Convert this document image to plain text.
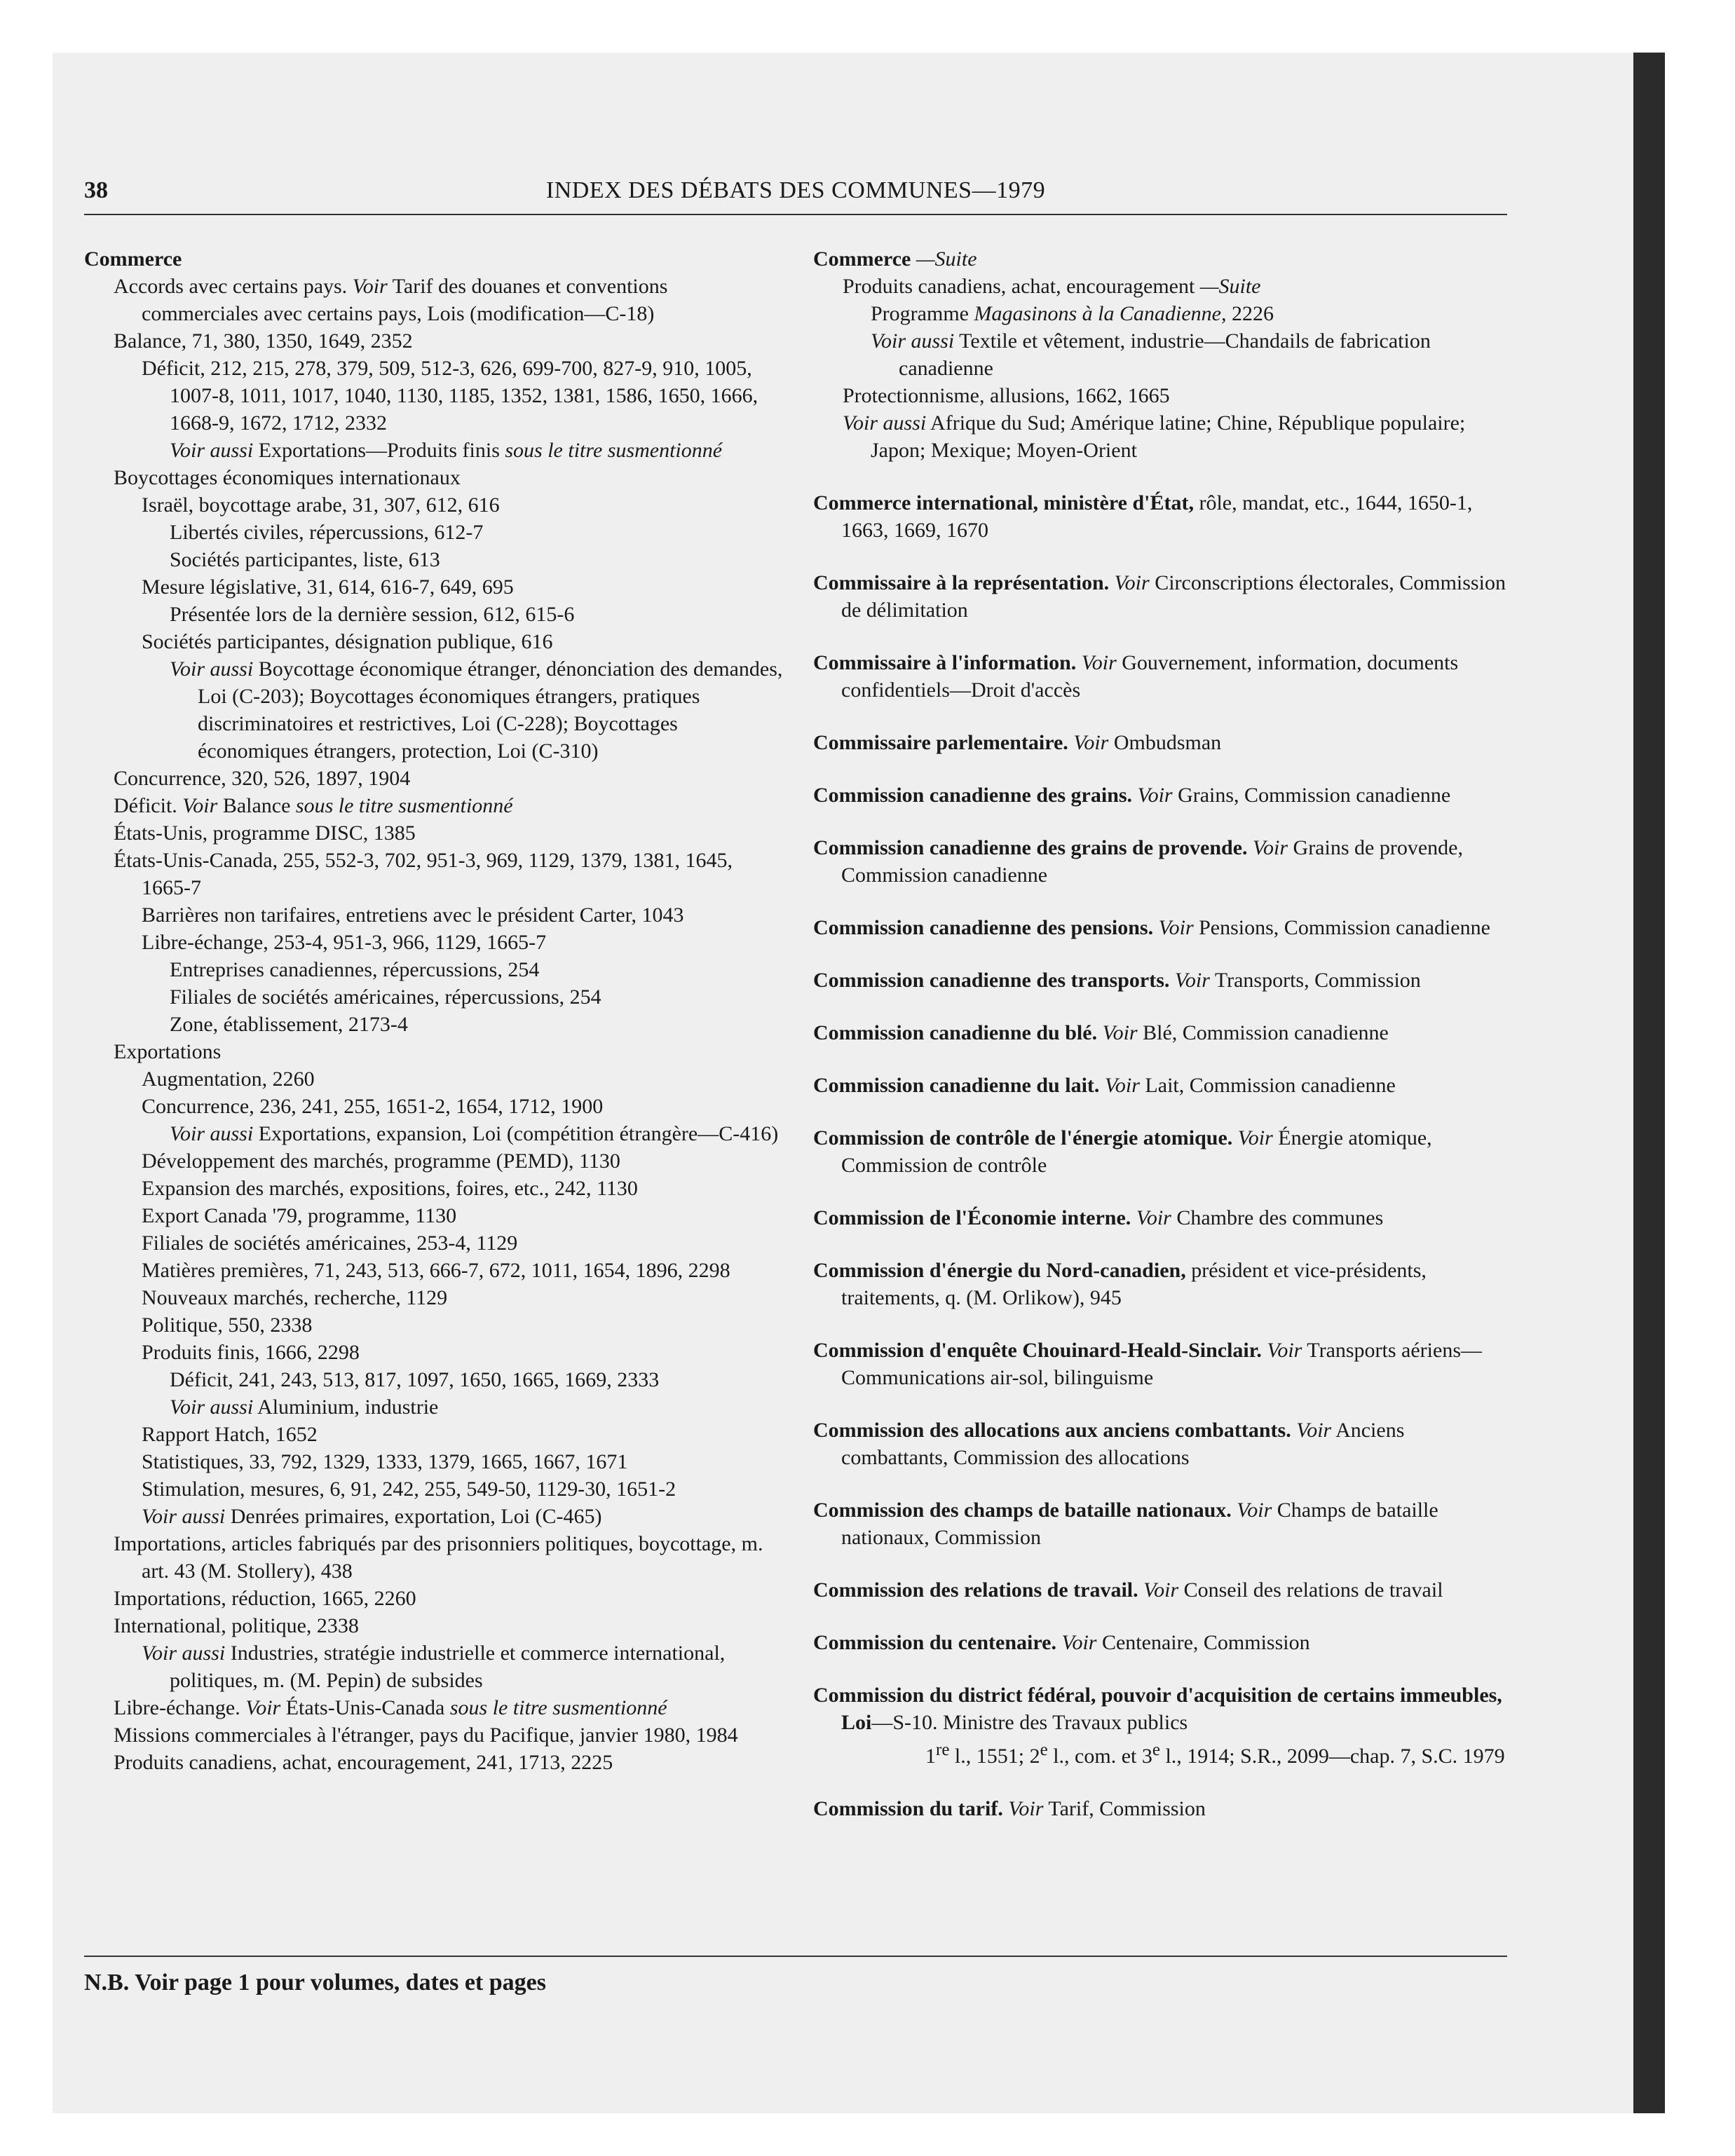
38	INDEX DES DÉBATS DES COMMUNES—1979

Commerce

Accords avec certains pays. Voir Tarif des douanes et conventions commerciales avec certains pays, Lois (modification—C-18)

Balance, 71, 380, 1350, 1649, 2352

Déficit, 212, 215, 278, 379, 509, 512-3, 626, 699-700, 827-9, 910, 1005, 1007-8, 1011, 1017, 1040, 1130, 1185, 1352, 1381, 1586, 1650, 1666, 1668-9, 1672, 1712, 2332

Voir aussi Exportations—Produits finis sous le titre susmentionné

Boycottages économiques internationaux

Israël, boycottage arabe, 31, 307, 612, 616

Libertés civiles, répercussions, 612-7

Sociétés participantes, liste, 613

Mesure législative, 31, 614, 616-7, 649, 695

Présentée lors de la dernière session, 612, 615-6

Sociétés participantes, désignation publique, 616

Voir aussi Boycottage économique étranger, dénonciation des demandes, Loi (C-203); Boycottages économiques étrangers, pratiques discriminatoires et restrictives, Loi (C-228); Boycottages économiques étrangers, protection, Loi (C-310)

Concurrence, 320, 526, 1897, 1904

Déficit. Voir Balance sous le titre susmentionné

États-Unis, programme DISC, 1385

États-Unis-Canada, 255, 552-3, 702, 951-3, 969, 1129, 1379, 1381, 1645, 1665-7

Barrières non tarifaires, entretiens avec le président Carter, 1043

Libre-échange, 253-4, 951-3, 966, 1129, 1665-7

Entreprises canadiennes, répercussions, 254

Filiales de sociétés américaines, répercussions, 254

Zone, établissement, 2173-4

Exportations

Augmentation, 2260

Concurrence, 236, 241, 255, 1651-2, 1654, 1712, 1900

Voir aussi Exportations, expansion, Loi (compétition étrangère—C-416)

Développement des marchés, programme (PEMD), 1130

Expansion des marchés, expositions, foires, etc., 242, 1130

Export Canada '79, programme, 1130

Filiales de sociétés américaines, 253-4, 1129

Matières premières, 71, 243, 513, 666-7, 672, 1011, 1654, 1896, 2298

Nouveaux marchés, recherche, 1129

Politique, 550, 2338

Produits finis, 1666, 2298

Déficit, 241, 243, 513, 817, 1097, 1650, 1665, 1669, 2333

Voir aussi Aluminium, industrie

Rapport Hatch, 1652

Statistiques, 33, 792, 1329, 1333, 1379, 1665, 1667, 1671

Stimulation, mesures, 6, 91, 242, 255, 549-50, 1129-30, 1651-2

Voir aussi Denrées primaires, exportation, Loi (C-465)

Importations, articles fabriqués par des prisonniers politiques, boycottage, m. art. 43 (M. Stollery), 438

Importations, réduction, 1665, 2260

International, politique, 2338

Voir aussi Industries, stratégie industrielle et commerce international, politiques, m. (M. Pepin) de subsides

Libre-échange. Voir États-Unis-Canada sous le titre susmentionné

Missions commerciales à l'étranger, pays du Pacifique, janvier 1980, 1984

Produits canadiens, achat, encouragement, 241, 1713, 2225

Commerce —Suite

Produits canadiens, achat, encouragement —Suite

Programme Magasinons à la Canadienne, 2226

Voir aussi Textile et vêtement, industrie—Chandails de fabrication canadienne

Protectionnisme, allusions, 1662, 1665

Voir aussi Afrique du Sud; Amérique latine; Chine, République populaire; Japon; Mexique; Moyen-Orient

Commerce international, ministère d'État, rôle, mandat, etc., 1644, 1650-1, 1663, 1669, 1670

Commissaire à la représentation. Voir Circonscriptions électorales, Commission de délimitation

Commissaire à l'information. Voir Gouvernement, information, documents confidentiels—Droit d'accès

Commissaire parlementaire. Voir Ombudsman

Commission canadienne des grains. Voir Grains, Commission canadienne

Commission canadienne des grains de provende. Voir Grains de provende, Commission canadienne

Commission canadienne des pensions. Voir Pensions, Commission canadienne

Commission canadienne des transports. Voir Transports, Commission

Commission canadienne du blé. Voir Blé, Commission canadienne

Commission canadienne du lait. Voir Lait, Commission canadienne

Commission de contrôle de l'énergie atomique. Voir Énergie atomique, Commission de contrôle

Commission de l'Économie interne. Voir Chambre des communes

Commission d'énergie du Nord-canadien, président et vice-présidents, traitements, q. (M. Orlikow), 945

Commission d'enquête Chouinard-Heald-Sinclair. Voir Transports aériens—Communications air-sol, bilinguisme

Commission des allocations aux anciens combattants. Voir Anciens combattants, Commission des allocations

Commission des champs de bataille nationaux. Voir Champs de bataille nationaux, Commission

Commission des relations de travail. Voir Conseil des relations de travail

Commission du centenaire. Voir Centenaire, Commission

Commission du district fédéral, pouvoir d'acquisition de certains immeubles, Loi—S-10. Ministre des Travaux publics

1re l., 1551; 2e l., com. et 3e l., 1914; S.R., 2099—chap. 7, S.C. 1979

Commission du tarif. Voir Tarif, Commission

N.B. Voir page 1 pour volumes, dates et pages
